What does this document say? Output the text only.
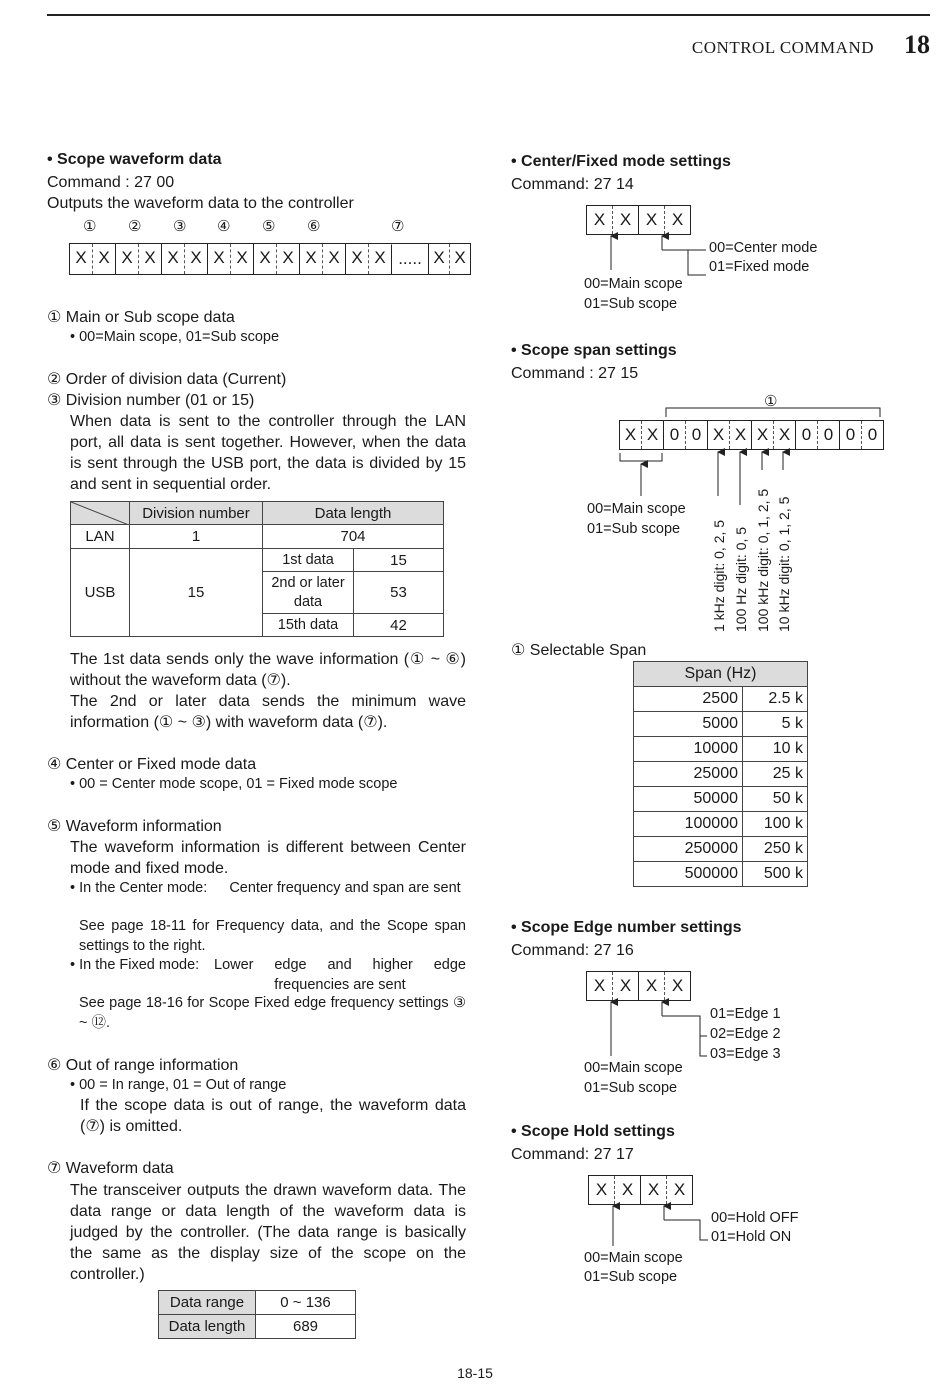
CONTROL COMMAND 18
• Scope waveform data
Command : 27 00
Outputs the waveform data to the controller
① ② ③ ④ ⑤ ⑥	⑦
X X X X X X X X X X X X X X ..... X X
① Main or Sub scope data
• 00=Main scope, 01=Sub scope
② Order of division data (Current)
③ Division number (01 or 15)
When data is sent to the controller through the LAN port, all data is sent together. However, when the data is sent through the USB port, the data is divided by 15 and sent in sequential order.
	Division number	Data length	
LAN	1	704	
USB	15	1st data	15
		2nd or later data	53
		15th data	42
The 1st data sends only the wave information (① ~ ⑥) without the waveform data (⑦).
The 2nd or later data sends the minimum wave information (① ~ ③) with waveform data (⑦).
④ Center or Fixed mode data
• 00 = Center mode scope, 01 = Fixed mode scope
⑤ Waveform information
The waveform information is different between Center mode and fixed mode.
• In the Center mode:	Center frequency and span are sent
See page 18-11 for Frequency data, and the Scope span settings to the right.
• In the Fixed mode: Lower edge and higher edge frequencies are sent
See page 18-16 for Scope Fixed edge frequency settings ③ ~ ⑫.
⑥ Out of range information
• 00 = In range, 01 = Out of range
If the scope data is out of range, the waveform data (⑦) is omitted.
⑦ Waveform data
The transceiver outputs the drawn waveform data. The data range or data length of the waveform data is judged by the controller. (The data range is basically the same as the display size of the scope on the controller.)
Data range	0 ~ 136
Data length	689
• Center/Fixed mode settings
Command: 27 14
X X X X
00=Center mode
01=Fixed mode
00=Main scope
01=Sub scope
• Scope span settings
Command : 27 15
①
X X 0 0 X X X X 0 0 0 0
00=Main scope
01=Sub scope 1 kHz digit: 0, 2, 5 100 Hz digit: 0, 5 100 kHz digit: 0, 1, 2, 5 10 kHz digit: 0, 1, 2, 5
① Selectable Span
Span (Hz)	
2500	2.5 k
5000	5 k
10000	10 k
25000	25 k
50000	50 k
100000	100 k
250000	250 k
500000	500 k
• Scope Edge number settings
Command: 27 16
X X X X
01=Edge 1
02=Edge 2
03=Edge 3
00=Main scope
01=Sub scope
• Scope Hold settings
Command: 27 17
X X X X
00=Hold OFF
01=Hold ON
00=Main scope
01=Sub scope
18-15
